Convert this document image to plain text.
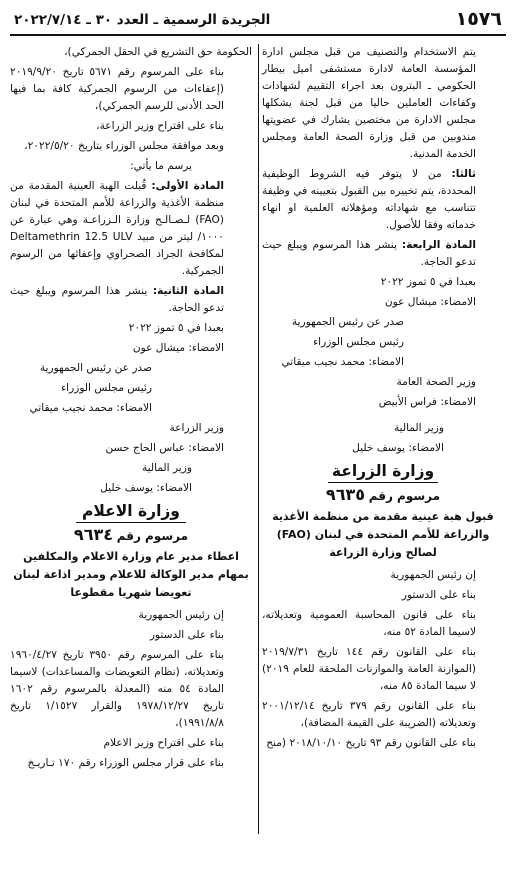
١٥٧٦
الجريدة الرسمية ـ العدد ٣٠ ـ ٢٠٢٢/٧/١٤

يتم الاستخدام والتصنيف من قبل مجلس ادارة المؤسسة العامة لادارة مستشفى اميل بيطار الحكومي ـ البترون بعد اجراء التقييم لشهادات وكفاءات العاملين حاليا من قبل لجنة يشكلها مجلس الادارة من مختصين يشارك في عضويتها مندوبين من قبل وزارة الصحة العامة ومجلس الخدمة المدنية.

ثالثا: من لا يتوفر فيه الشروط الوظيفية المحددة، يتم تخييره بين القبول بتعيينه في وظيفة تتناسب مع شهاداته ومؤهلاته العلمية او انهاء خدماته وفقا للأصول.

المادة الرابعة: ينشر هذا المرسوم ويبلغ حيث تدعو الحاجة.

بعبدا في ٥ تموز ٢٠٢٢

الامضاء: ميشال عون

صدر عن رئيس الجمهورية

رئيس مجلس الوزراء

الامضاء: محمد نجيب ميقاتي

وزير الصحة العامة

الامضاء: فراس الأبيض

وزير المالية

الامضاء: يوسف خليل

وزارة الزراعة
مرسوم رقم ٩٦٣٥
قبول هبة عينية مقدمة من منظمة الأغذية والزراعة للأمم المتحدة في لبنان (FAO) لصالح وزارة الزراعة

إن رئيس الجمهورية

بناء على الدستور

بناء على قانون المحاسبة العمومية وتعديلاته، لاسيما المادة ٥٢ منه،

بناء على القانون رقم ١٤٤ تاريخ ٢٠١٩/٧/٣١ (الموازنة العامة والموازنات الملحقة للعام ٢٠١٩) لا سيما المادة ٨٥ منه،

بناء على القانون رقم ٣٧٩ تاريخ ٢٠٠١/١٢/١٤ وتعديلاته (الضريبة على القيمة المضافة)،

بناء على القانون رقم ٩٣ تاريخ ٢٠١٨/١٠/١٠ (منح

الحكومة حق التشريع في الحقل الجمركي)،

بناء على المرسوم رقم ٥٦٧١ تاريخ ٢٠١٩/٩/٢٠ (إعفاءات من الرسوم الجمركية كافة بما فيها الحد الأدنى للرسم الجمركي)،

بناء على اقتراح وزير الزراعة،

وبعد موافقة مجلس الوزراء بتاريخ ٢٠٢٢/٥/٢٠،

يرسم ما يأتي:

المادة الأولى: قُبلت الهبة العينية المقدمة من منظمة الأغذية والزراعة للأمم المتحدة في لبنان (FAO) لـصـالـح وزارة الـزراعـة وهي عبارة عن ١٠٠٠/ ليتر من مبيد Deltamethrin 12.5 ULV لمكافحة الجراد الصحراوي وإعفائها من الرسوم الجمركية.

المادة الثانية: ينشر هذا المرسوم ويبلغ حيث تدعو الحاجة.

بعبدا في ٥ تموز ٢٠٢٢

الامضاء: ميشال عون

صدر عن رئيس الجمهورية

رئيس مجلس الوزراء

الامضاء: محمد نجيب ميقاتي

وزير الزراعة

الامضاء: عباس الحاج حسن

وزير المالية

الامضاء: يوسف خليل

وزارة الاعلام
مرسوم رقم ٩٦٣٤
اعطاء مدير عام وزارة الاعلام والمكلفين بمهام مدير الوكالة للاعلام ومدير اذاعة لبنان تعويضا شهريا مقطوعا

إن رئيس الجمهورية

بناء على الدستور

بناء على المرسوم رقم ٣٩٥٠ تاريخ ١٩٦٠/٤/٢٧ وتعديلاته، (نظام التعويضات والمساعدات) لاسيما المادة ٥٤ منه (المعدلة بالمرسوم رقم ١٦٠٢ تاريخ ١٩٧٨/١٢/٢٧ والقرار ١/١٥٢٧ تاريخ ١٩٩١/٨/٨)،

بناء على اقتراح وزير الاعلام

بناء على قرار مجلس الوزراء رقم ١٧٠ تـاريـخ
